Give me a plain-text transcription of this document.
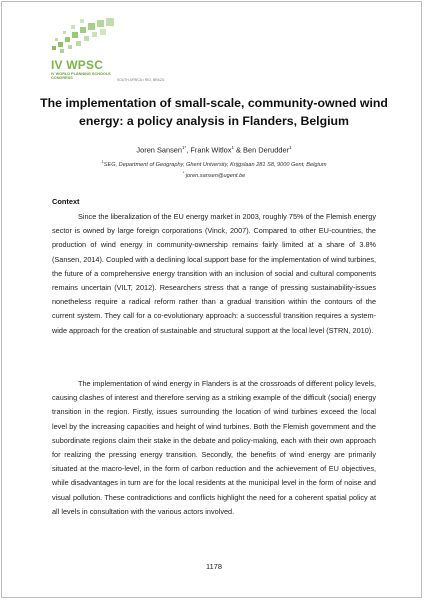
IV WPSC
IV WORLD PLANNING SCHOOLS CONGRESS	SOUTH AFRICA • RIO, BRAZIL
The implementation of small-scale, community-owned wind energy: a policy analysis in Flanders, Belgium
Joren Sansen$^{1*}$, Frank Witlox$^1$ & Ben Derudder$^1$
$^1$SEG, Department of Geography, Ghent University, Krijgslaan 281 S8, 9000 Gent, Belgium
* joren.sansen@ugent.be
Context

Since the liberalization of the EU energy market in 2003, roughly 75% of the Flemish energy sector is owned by large foreign corporations (Vinck, 2007). Compared to other EU-countries, the production of wind energy in community-ownership remains fairly limited at a share of 3.8% (Sansen, 2014). Coupled with a declining local support base for the implementation of wind turbines, the future of a comprehensive energy transition with an inclusion of social and cultural components remains uncertain (VILT, 2012). Researchers stress that a range of pressing sustainability-issues nonetheless require a radical reform rather than a gradual transition within the contours of the current system. They call for a co-evolutionary approach: a successful transition requires a system-wide approach for the creation of sustainable and structural support at the local level (STRN, 2010).

The implementation of wind energy in Flanders is at the crossroads of different policy levels, causing clashes of interest and therefore serving as a striking example of the difficult (social) energy transition in the region. Firstly, issues surrounding the location of wind turbines exceed the local level by the increasing capacities and height of wind turbines. Both the Flemish government and the subordinate regions claim their stake in the debate and policy-making, each with their own approach for realizing the pressing energy transition. Secondly, the benefits of wind energy are primarily situated at the macro-level, in the form of carbon reduction and the achievement of EU objectives, while disadvantages in turn are for the local residents at the municipal level in the form of noise and visual pollution. These contradictions and conflicts highlight the need for a coherent spatial policy at all levels in consultation with the various actors involved.

1178
